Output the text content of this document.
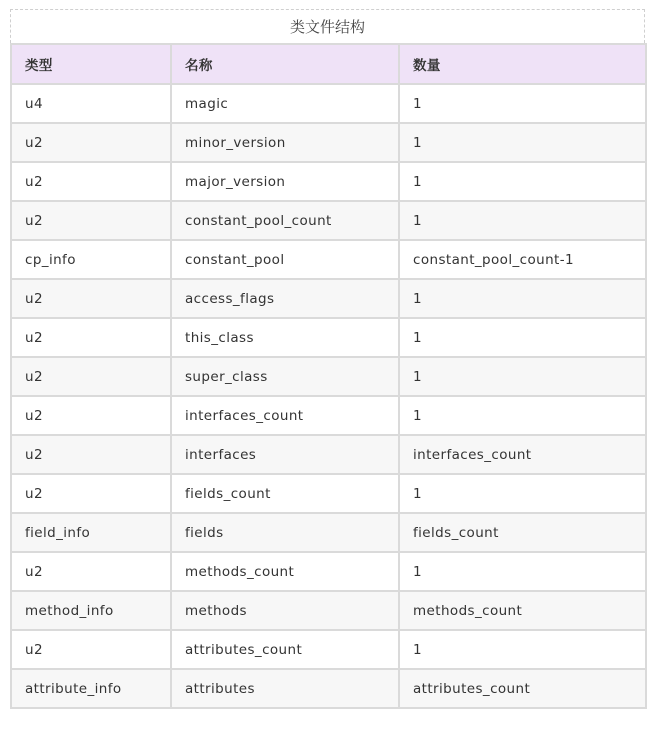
类文件结构
类型	名称	数量
u4	magic	1
u2	minor_version	1
u2	major_version	1
u2	constant_pool_count	1
cp_info	constant_pool	constant_pool_count-1
u2	access_flags	1
u2	this_class	1
u2	super_class	1
u2	interfaces_count	1
u2	interfaces	interfaces_count
u2	fields_count	1
field_info	fields	fields_count
u2	methods_count	1
method_info	methods	methods_count
u2	attributes_count	1
attribute_info	attributes	attributes_count
